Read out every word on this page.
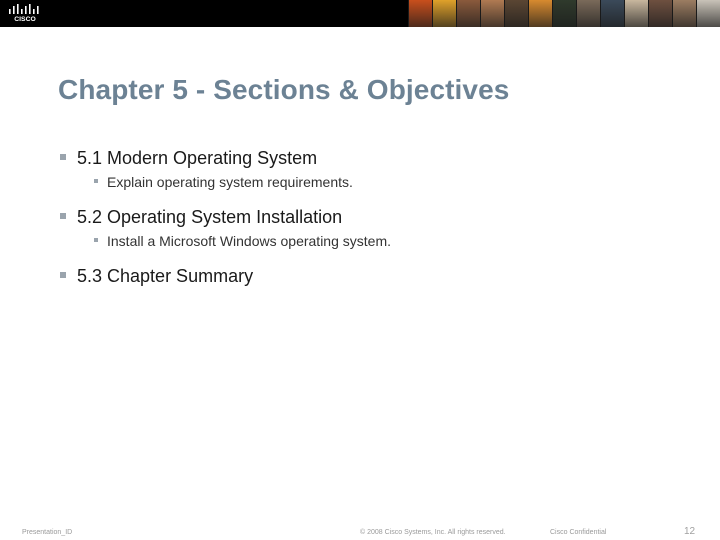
CISCO
Chapter 5 - Sections & Objectives
5.1 Modern Operating System
Explain operating system requirements.
5.2 Operating System Installation
Install a Microsoft Windows operating system.
5.3 Chapter Summary
Presentation_ID	© 2008 Cisco Systems, Inc. All rights reserved.	Cisco Confidential	12
